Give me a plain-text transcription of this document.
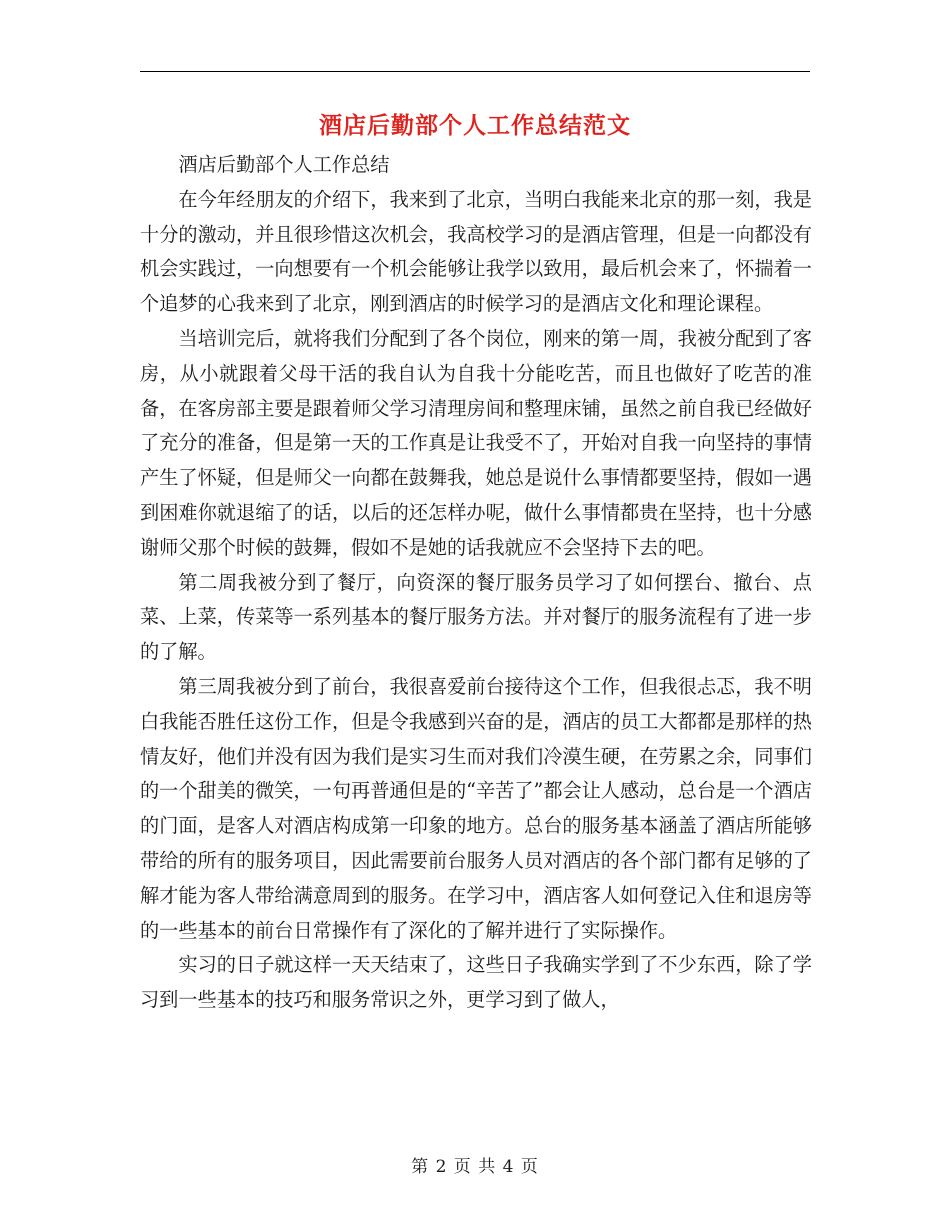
酒店后勤部个人工作总结范文

酒店后勤部个人工作总结

在今年经朋友的介绍下，我来到了北京，当明白我能来北京的那一刻，我是十分的激动，并且很珍惜这次机会，我高校学习的是酒店管理，但是一向都没有机会实践过，一向想要有一个机会能够让我学以致用，最后机会来了，怀揣着一个追梦的心我来到了北京，刚到酒店的时候学习的是酒店文化和理论课程。

当培训完后，就将我们分配到了各个岗位，刚来的第一周，我被分配到了客房，从小就跟着父母干活的我自认为自我十分能吃苦，而且也做好了吃苦的准备，在客房部主要是跟着师父学习清理房间和整理床铺，虽然之前自我已经做好了充分的准备，但是第一天的工作真是让我受不了，开始对自我一向坚持的事情产生了怀疑，但是师父一向都在鼓舞我，她总是说什么事情都要坚持，假如一遇到困难你就退缩了的话，以后的还怎样办呢，做什么事情都贵在坚持，也十分感谢师父那个时候的鼓舞，假如不是她的话我就应不会坚持下去的吧。

第二周我被分到了餐厅，向资深的餐厅服务员学习了如何摆台、撤台、点菜、上菜，传菜等一系列基本的餐厅服务方法。并对餐厅的服务流程有了进一步的了解。

第三周我被分到了前台，我很喜爱前台接待这个工作，但我很忐忑，我不明白我能否胜任这份工作，但是令我感到兴奋的是，酒店的员工大都都是那样的热情友好，他们并没有因为我们是实习生而对我们冷漠生硬，在劳累之余，同事们的一个甜美的微笑，一句再普通但是的“辛苦了”都会让人感动，总台是一个酒店的门面，是客人对酒店构成第一印象的地方。总台的服务基本涵盖了酒店所能够带给的所有的服务项目，因此需要前台服务人员对酒店的各个部门都有足够的了解才能为客人带给满意周到的服务。在学习中，酒店客人如何登记入住和退房等的一些基本的前台日常操作有了深化的了解并进行了实际操作。

实习的日子就这样一天天结束了，这些日子我确实学到了不少东西，除了学习到一些基本的技巧和服务常识之外，更学习到了做人，

第 2 页 共 4 页
